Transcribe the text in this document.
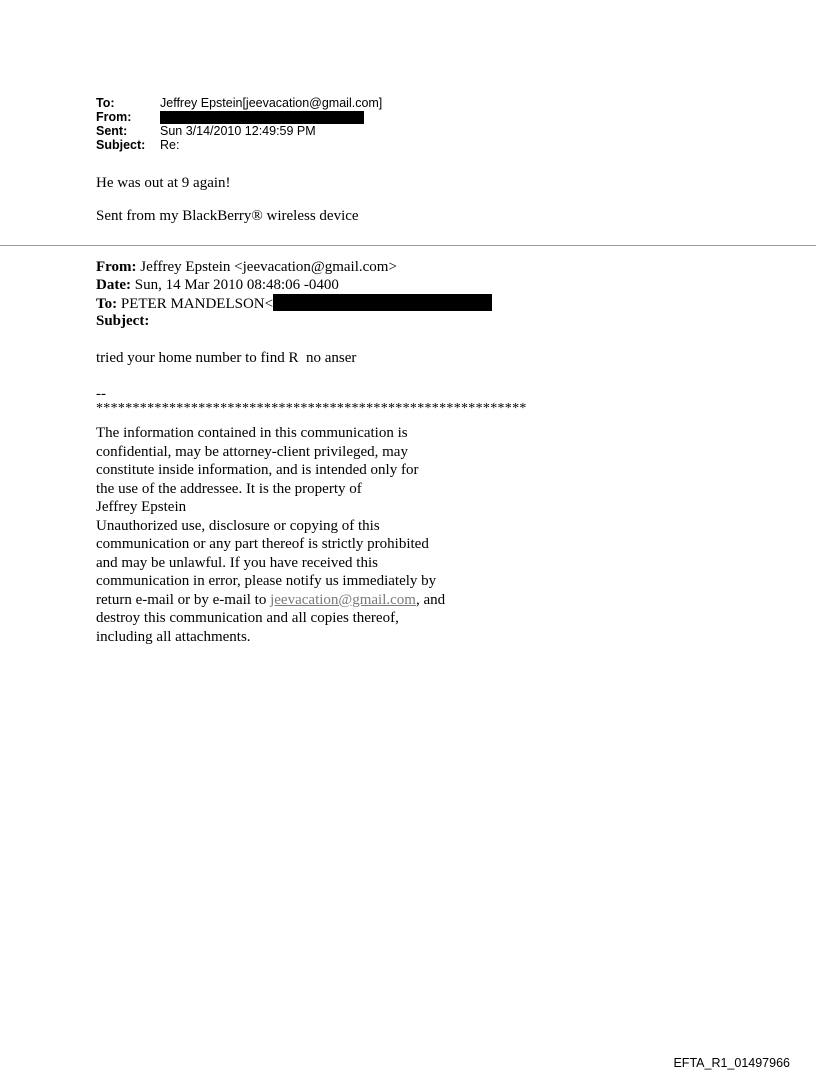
To:	Jeffrey Epstein[jeevacation@gmail.com]
From:
Sent:	Sun 3/14/2010 12:49:59 PM
Subject:	Re:
He was out at 9 again!
Sent from my BlackBerry® wireless device
From: Jeffrey Epstein <jeevacation@gmail.com>
Date: Sun, 14 Mar 2010 08:48:06 -0400
To: PETER MANDELSON<
Subject:
tried your home number to find R  no anser
--
***********************************************************
The information contained in this communication is
confidential, may be attorney-client privileged, may
constitute inside information, and is intended only for
the use of the addressee. It is the property of
Jeffrey Epstein
Unauthorized use, disclosure or copying of this
communication or any part thereof is strictly prohibited
and may be unlawful. If you have received this
communication in error, please notify us immediately by
return e-mail or by e-mail to jeevacation@gmail.com, and
destroy this communication and all copies thereof,
including all attachments.
EFTA_R1_01497966
